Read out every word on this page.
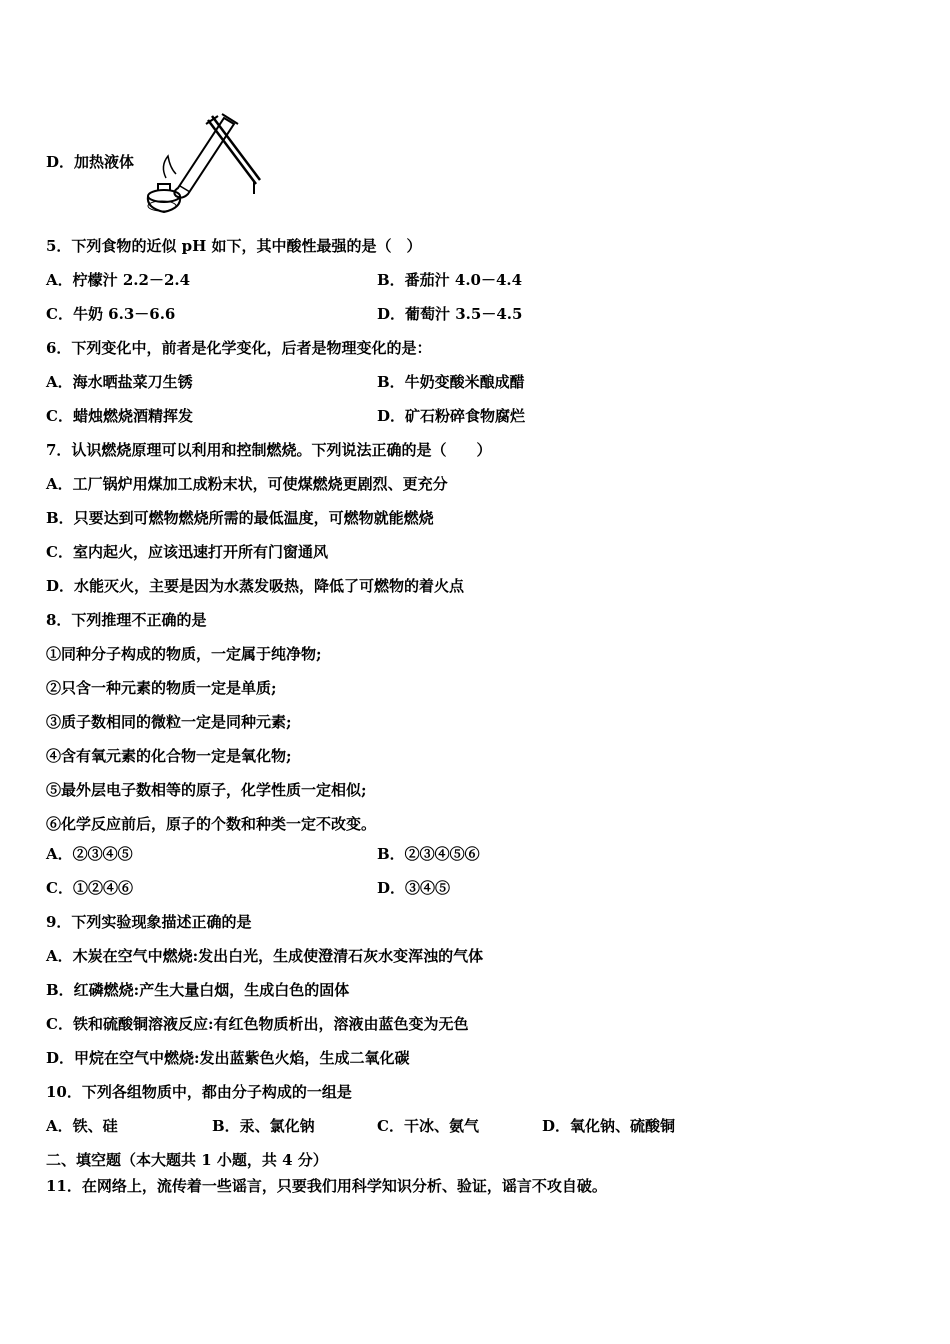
D．加热液体
5．下列食物的近似 pH 如下，其中酸性最强的是（　）
A．柠檬汁 2.2－2.4	B．番茄汁 4.0－4.4
C．牛奶 6.3－6.6	D．葡萄汁 3.5－4.5
6．下列变化中，前者是化学变化，后者是物理变化的是：
A．海水晒盐菜刀生锈	B．牛奶变酸米酿成醋
C．蜡烛燃烧酒精挥发	D．矿石粉碎食物腐烂
7．认识燃烧原理可以利用和控制燃烧。下列说法正确的是（　　）
A．工厂锅炉用煤加工成粉末状，可使煤燃烧更剧烈、更充分
B．只要达到可燃物燃烧所需的最低温度，可燃物就能燃烧
C．室内起火，应该迅速打开所有门窗通风
D．水能灭火，主要是因为水蒸发吸热，降低了可燃物的着火点
8．下列推理不正确的是
①同种分子构成的物质，一定属于纯净物;
②只含一种元素的物质一定是单质;
③质子数相同的微粒一定是同种元素;
④含有氧元素的化合物一定是氧化物;
⑤最外层电子数相等的原子，化学性质一定相似;
⑥化学反应前后，原子的个数和种类一定不改变。
A．②③④⑤	B．②③④⑤⑥
C．①②④⑥	D．③④⑤
9．下列实验现象描述正确的是
A．木炭在空气中燃烧:发出白光，生成使澄清石灰水变浑浊的气体
B．红磷燃烧:产生大量白烟，生成白色的固体
C．铁和硫酸铜溶液反应:有红色物质析出，溶液由蓝色变为无色
D．甲烷在空气中燃烧:发出蓝紫色火焰，生成二氧化碳
10．下列各组物质中，都由分子构成的一组是
A．铁、硅	B．汞、氯化钠	C．干冰、氨气	D．氧化钠、硫酸铜
二、填空题（本大题共 1 小题，共 4 分）
11．在网络上，流传着一些谣言，只要我们用科学知识分析、验证，谣言不攻自破。
